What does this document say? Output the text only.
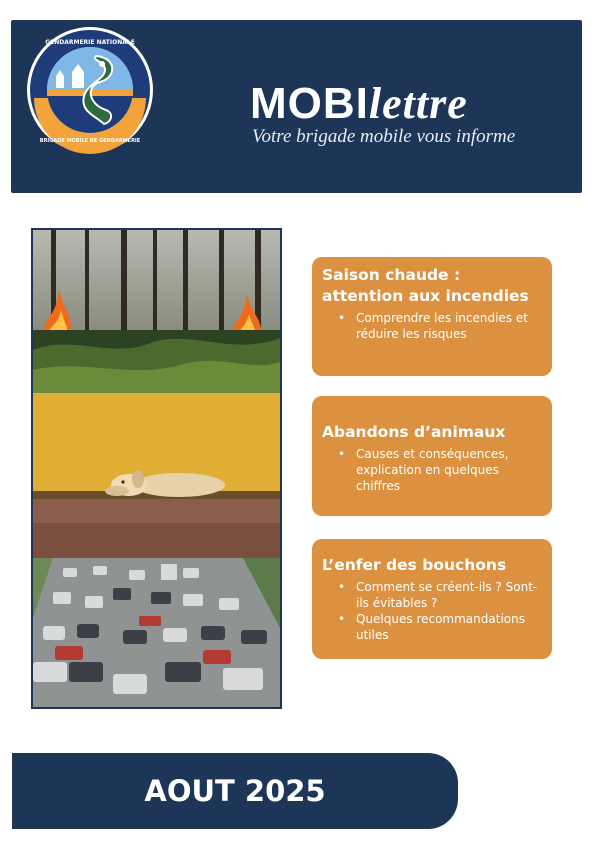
GENDARMERIE NATIONALE
BRIGADE MOBILE DE GENDARMERIE
MOBIlettre
Votre brigade mobile vous informe
Saison chaude :
attention aux incendies
• Comprendre les incendies et réduire les risques
Abandons d’animaux
• Causes et conséquences, explication en quelques chiffres
L’enfer des bouchons
• Comment se créent-ils ? Sont-ils évitables ?
• Quelques recommandations utiles
AOUT 2025
